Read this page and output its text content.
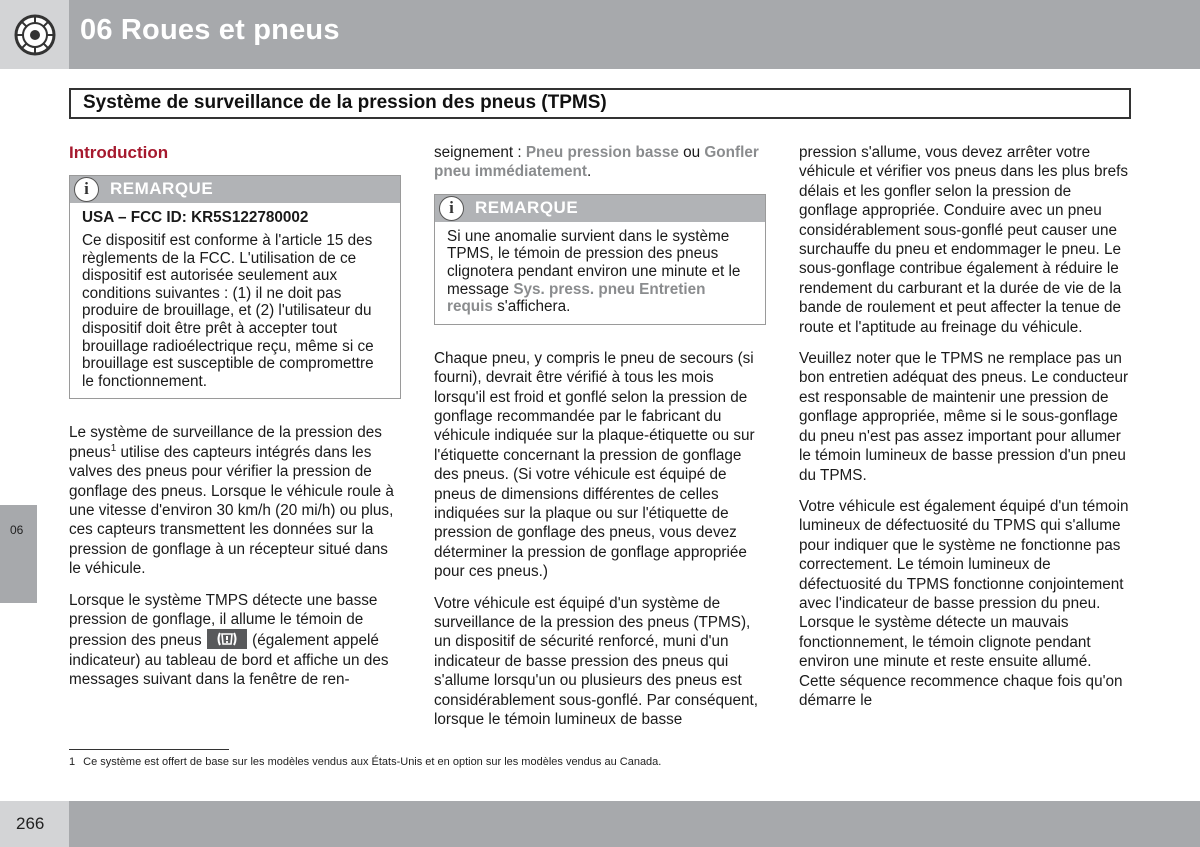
06 Roues et pneus
Système de surveillance de la pression des pneus (TPMS)
Introduction
i	REMARQUE

USA – FCC ID: KR5S122780002

Ce dispositif est conforme à l'article 15 des règlements de la FCC. L'utilisation de ce dispositif est autorisée seulement aux conditions suivantes : (1) il ne doit pas produire de brouillage, et (2) l'utilisateur du dispositif doit être prêt à accepter tout brouillage radioélectrique reçu, même si ce brouillage est susceptible de compromettre le fonctionnement.

Le système de surveillance de la pression des pneus$^1$ utilise des capteurs intégrés dans les valves des pneus pour vérifier la pression de gonflage des pneus. Lorsque le véhicule roule à une vitesse d'environ 30 km/h (20 mi/h) ou plus, ces capteurs transmettent les données sur la pression de gonflage à un récepteur situé dans le véhicule.

Lorsque le système TMPS détecte une basse pression de gonflage, il allume le témoin de pression des pneus	(également appelé indicateur) au tableau de bord et affiche un des messages suivant dans la fenêtre de ren-

seignement : Pneu pression basse ou Gonfler pneu immédiatement.

i	REMARQUE

Si une anomalie survient dans le système TPMS, le témoin de pression des pneus clignotera pendant environ une minute et le message Sys. press. pneu Entretien requis s'affichera.

Chaque pneu, y compris le pneu de secours (si fourni), devrait être vérifié à tous les mois lorsqu'il est froid et gonflé selon la pression de gonflage recommandée par le fabricant du véhicule indiquée sur la plaque-étiquette ou sur l'étiquette concernant la pression de gonflage des pneus. (Si votre véhicule est équipé de pneus de dimensions différentes de celles indiquées sur la plaque ou sur l'étiquette de pression de gonflage des pneus, vous devez déterminer la pression de gonflage appropriée pour ces pneus.)

Votre véhicule est équipé d'un système de surveillance de la pression des pneus (TPMS), un dispositif de sécurité renforcé, muni d'un indicateur de basse pression des pneus qui s'allume lorsqu'un ou plusieurs des pneus est considérablement sous-gonflé. Par conséquent, lorsque le témoin lumineux de basse

pression s'allume, vous devez arrêter votre véhicule et vérifier vos pneus dans les plus brefs délais et les gonfler selon la pression de gonflage appropriée. Conduire avec un pneu considérablement sous-gonflé peut causer une surchauffe du pneu et endommager le pneu. Le sous-gonflage contribue également à réduire le rendement du carburant et la durée de vie de la bande de roulement et peut affecter la tenue de route et l'aptitude au freinage du véhicule.

Veuillez noter que le TPMS ne remplace pas un bon entretien adéquat des pneus. Le conducteur est responsable de maintenir une pression de gonflage appropriée, même si le sous-gonflage du pneu n'est pas assez important pour allumer le témoin lumineux de basse pression d'un pneu du TPMS.

Votre véhicule est également équipé d'un témoin lumineux de défectuosité du TPMS qui s'allume pour indiquer que le système ne fonctionne pas correctement. Le témoin lumineux de défectuosité du TPMS fonctionne conjointement avec l'indicateur de basse pression du pneu. Lorsque le système détecte un mauvais fonctionnement, le témoin clignote pendant environ une minute et reste ensuite allumé. Cette séquence recommence chaque fois qu'on démarre le

06
1 Ce système est offert de base sur les modèles vendus aux États-Unis et en option sur les modèles vendus au Canada.
266
